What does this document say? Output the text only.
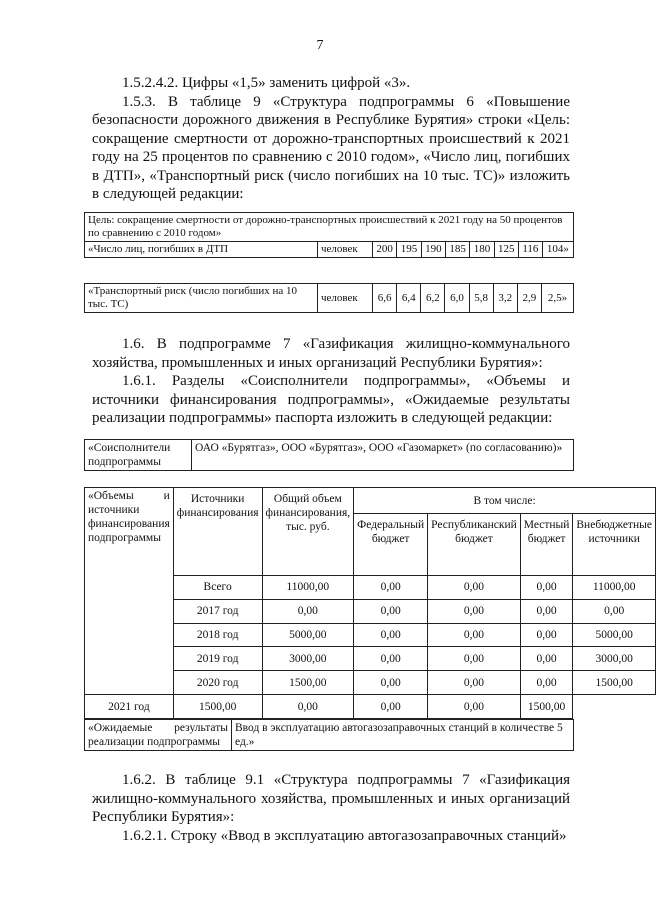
7

1.5.2.4.2. Цифры «1,5» заменить цифрой «3».

1.5.3. В таблице 9 «Структура подпрограммы 6 «Повышение безопасности дорожного движения в Республике Бурятия» строки «Цель: сокращение смертности от дорожно-транспортных происшествий к 2021 году на 25 процентов по сравнению с 2010 годом», «Число лиц, погибших в ДТП», «Транспортный риск (число погибших на 10 тыс. ТС)» изложить в следующей редакции:

Цель: сокращение смертности от дорожно-транспортных происшествий к 2021 году на 50 процентов по сравнению с 2010 годом»
«Число лиц, погибших в ДТП	человек	200	195	190	185	180	125	116	104»
«Транспортный риск (число погибших на 10 тыс. ТС)	человек	6,6	6,4	6,2	6,0	5,8	3,2	2,9	2,5»

1.6. В подпрограмме 7 «Газификация жилищно-коммунального хозяйства, промышленных и иных организаций Республики Бурятия»:

1.6.1. Разделы «Соисполнители подпрограммы», «Объемы и источники финансирования подпрограммы», «Ожидаемые результаты реализации подпрограммы» паспорта изложить в следующей редакции:

«Соисполнители подпрограммы	ОАО «Бурятгаз», ООО «Бурятгаз», ООО «Газомаркет» (по согласованию)»
«Объемы и источники финансирования подпрограммы	Источники финансирования	Общий объем финансирования, тыс. руб.	В том числе:			
			Федеральный бюджет	Республиканский бюджет	Местный бюджет	Внебюджетные источники
	Всего	11000,00	0,00	0,00	0,00	11000,00
	2017 год	0,00	0,00	0,00	0,00	0,00
	2018 год	5000,00	0,00	0,00	0,00	5000,00
	2019 год	3000,00	0,00	0,00	0,00	3000,00
	2020 год	1500,00	0,00	0,00	0,00	1500,00
2021 год	1500,00	0,00	0,00	0,00	1500,00	
«Ожидаемые результаты реализации подпрограммы	Ввод в эксплуатацию автогазозаправочных станций в количестве 5 ед.»

1.6.2. В таблице 9.1 «Структура подпрограммы 7 «Газификация жилищно-коммунального хозяйства, промышленных и иных организаций Республики Бурятия»:

1.6.2.1. Строку «Ввод в эксплуатацию автогазозаправочных станций»
